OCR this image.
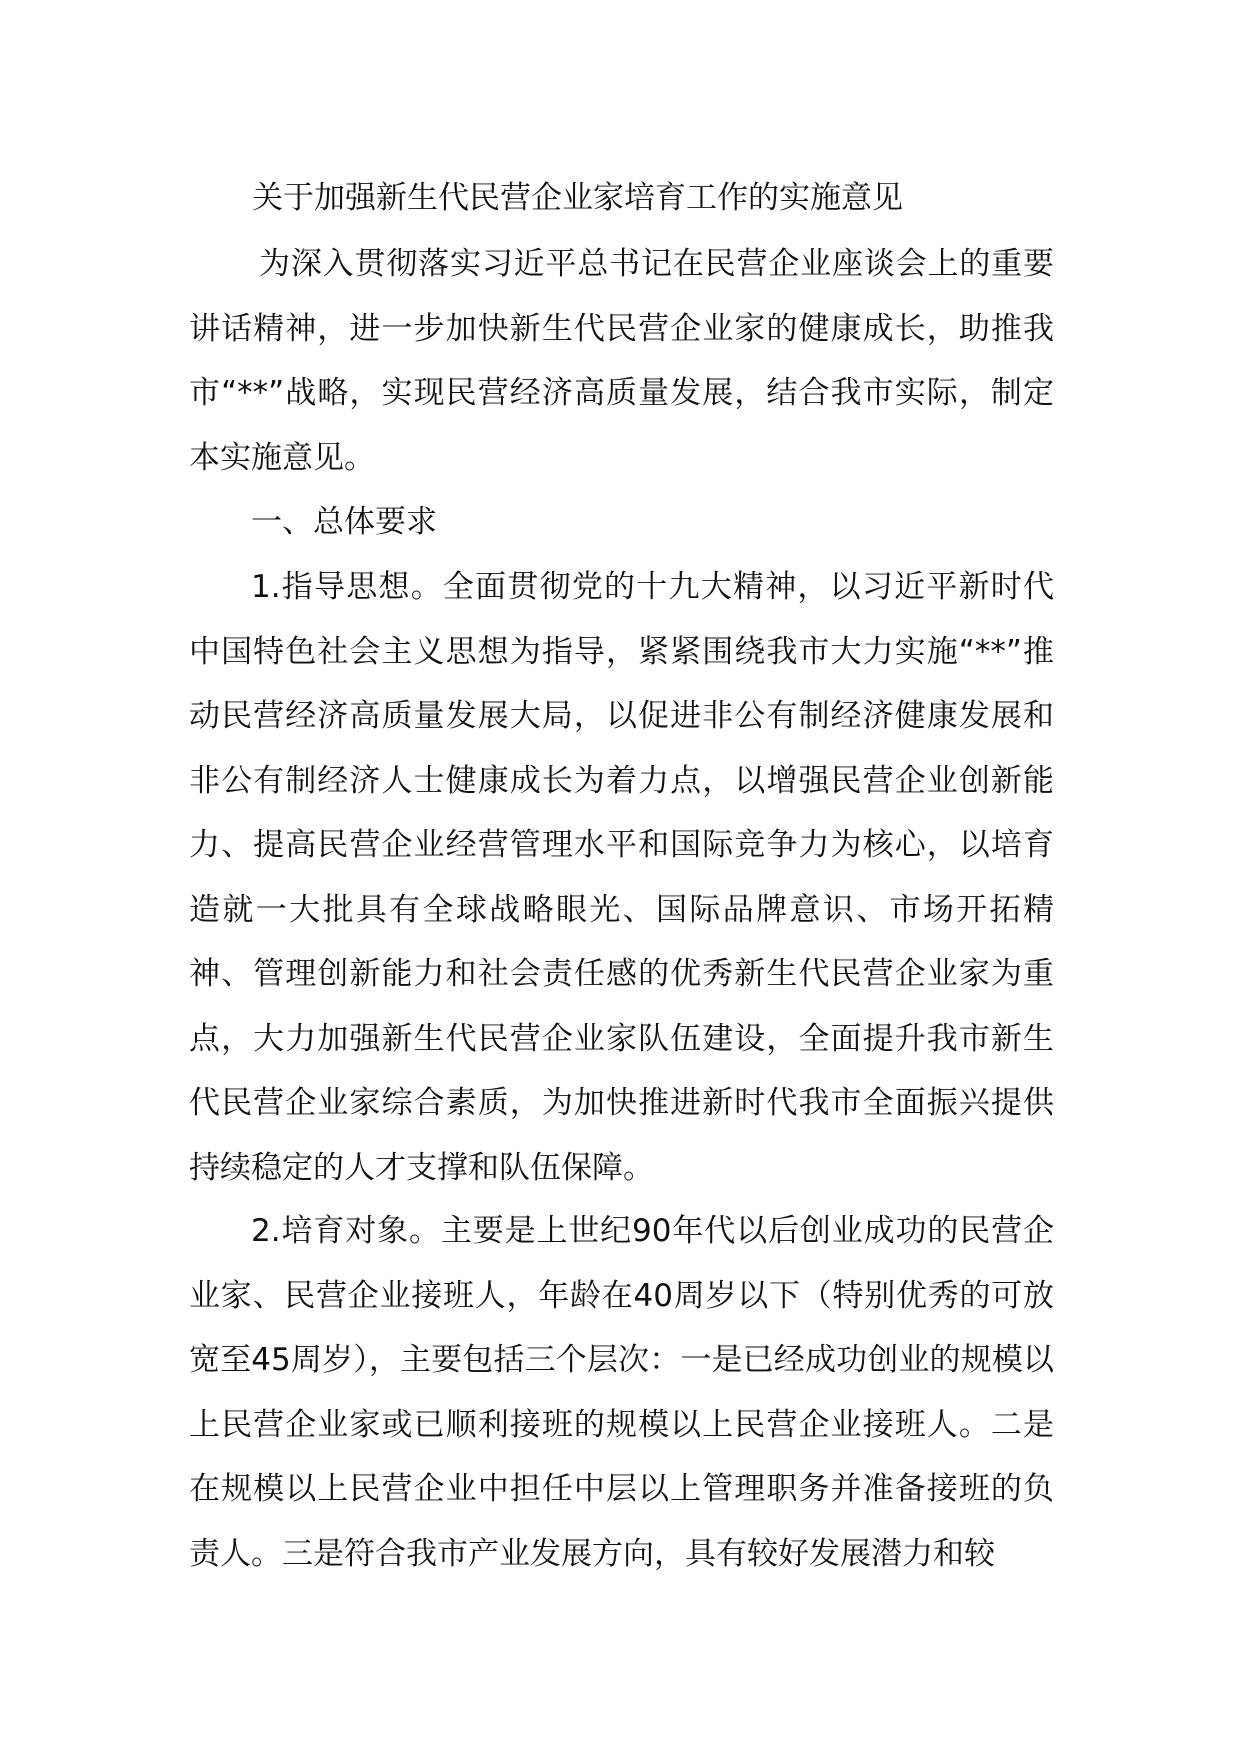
关于加强新生代民营企业家培育工作的实施意见
为深入贯彻落实习近平总书记在民营企业座谈会上的重要讲话精神，进一步加快新生代民营企业家的健康成长，助推我市“**”战略，实现民营经济高质量发展，结合我市实际，制定本实施意见。
一、总体要求
1.指导思想。全面贯彻党的十九大精神，以习近平新时代中国特色社会主义思想为指导，紧紧围绕我市大力实施“**”推动民营经济高质量发展大局，以促进非公有制经济健康发展和非公有制经济人士健康成长为着力点，以增强民营企业创新能力、提高民营企业经营管理水平和国际竞争力为核心，以培育造就一大批具有全球战略眼光、国际品牌意识、市场开拓精神、管理创新能力和社会责任感的优秀新生代民营企业家为重点，大力加强新生代民营企业家队伍建设，全面提升我市新生代民营企业家综合素质，为加快推进新时代我市全面振兴提供持续稳定的人才支撑和队伍保障。
2.培育对象。主要是上世纪90年代以后创业成功的民营企业家、民营企业接班人，年龄在40周岁以下（特别优秀的可放宽至45周岁），主要包括三个层次：一是已经成功创业的规模以上民营企业家或已顺利接班的规模以上民营企业接班人。二是在规模以上民营企业中担任中层以上管理职务并准备接班的负责人。三是符合我市产业发展方向，具有较好发展潜力和较
